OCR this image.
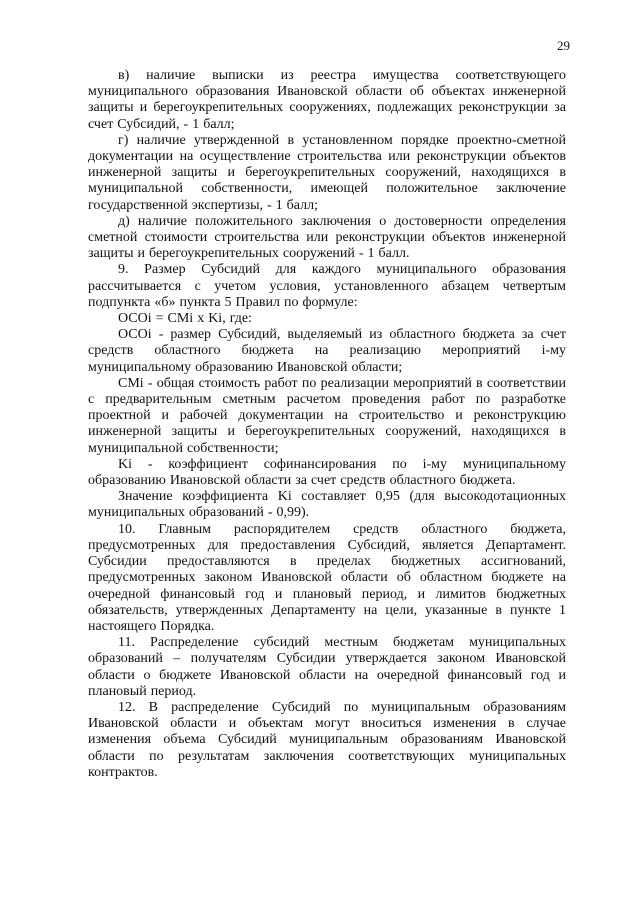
29

в) наличие выписки из реестра имущества соответствующего муниципального образования Ивановской области об объектах инженерной защиты и берегоукрепительных сооружениях, подлежащих реконструкции за счет Субсидий, - 1 балл;

г) наличие утвержденной в установленном порядке проектно-сметной документации на осуществление строительства или реконструкции объектов инженерной защиты и берегоукрепительных сооружений, находящихся в муниципальной собственности, имеющей положительное заключение государственной экспертизы, - 1 балл;

д) наличие положительного заключения о достоверности определения сметной стоимости строительства или реконструкции объектов инженерной защиты и берегоукрепительных сооружений - 1 балл.

9. Размер Субсидий для каждого муниципального образования рассчитывается с учетом условия, установленного абзацем четвертым подпункта «б» пункта 5 Правил по формуле:

ОСОi = CMi x Ki, где:

ОСОi - размер Субсидий, выделяемый из областного бюджета за счет средств областного бюджета на реализацию мероприятий i-му муниципальному образованию Ивановской области;

CMi - общая стоимость работ по реализации мероприятий в соответствии с предварительным сметным расчетом проведения работ по разработке проектной и рабочей документации на строительство и реконструкцию инженерной защиты и берегоукрепительных сооружений, находящихся в муниципальной собственности;

Ki - коэффициент софинансирования по i-му муниципальному образованию Ивановской области за счет средств областного бюджета.

Значение коэффициента Ki составляет 0,95 (для высокодотационных муниципальных образований - 0,99).

10. Главным распорядителем средств областного бюджета, предусмотренных для предоставления Субсидий, является Департамент. Субсидии предоставляются в пределах бюджетных ассигнований, предусмотренных законом Ивановской области об областном бюджете на очередной финансовый год и плановый период, и лимитов бюджетных обязательств, утвержденных Департаменту на цели, указанные в пункте 1 настоящего Порядка.

11. Распределение субсидий местным бюджетам муниципальных образований – получателям Субсидии утверждается законом Ивановской области о бюджете Ивановской области на очередной финансовый год и плановый период.

12. В распределение Субсидий по муниципальным образованиям Ивановской области и объектам могут вноситься изменения в случае изменения объема Субсидий муниципальным образованиям Ивановской области по результатам заключения соответствующих муниципальных контрактов.
